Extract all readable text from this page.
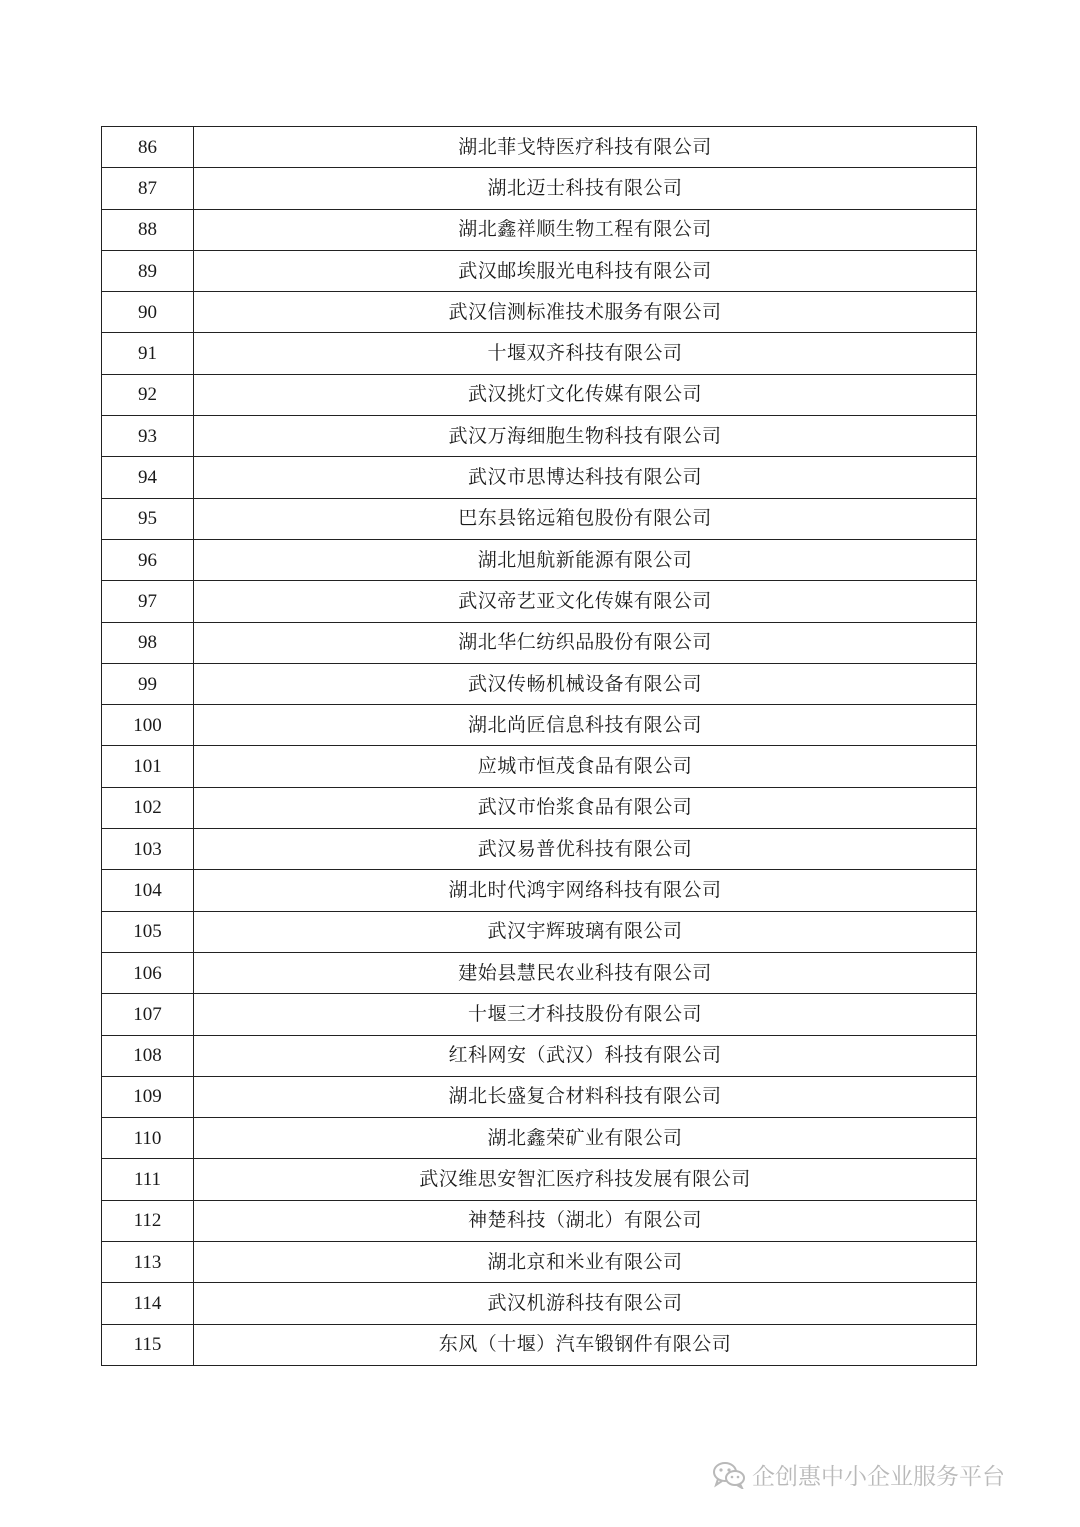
86	湖北菲戈特医疗科技有限公司
87	湖北迈士科技有限公司
88	湖北鑫祥顺生物工程有限公司
89	武汉邮埃服光电科技有限公司
90	武汉信测标准技术服务有限公司
91	十堰双齐科技有限公司
92	武汉挑灯文化传媒有限公司
93	武汉万海细胞生物科技有限公司
94	武汉市思博达科技有限公司
95	巴东县铭远箱包股份有限公司
96	湖北旭航新能源有限公司
97	武汉帝艺亚文化传媒有限公司
98	湖北华仁纺织品股份有限公司
99	武汉传畅机械设备有限公司
100	湖北尚匠信息科技有限公司
101	应城市恒茂食品有限公司
102	武汉市怡浆食品有限公司
103	武汉易普优科技有限公司
104	湖北时代鸿宇网络科技有限公司
105	武汉宇辉玻璃有限公司
106	建始县慧民农业科技有限公司
107	十堰三才科技股份有限公司
108	红科网安（武汉）科技有限公司
109	湖北长盛复合材料科技有限公司
110	湖北鑫荣矿业有限公司
111	武汉维思安智汇医疗科技发展有限公司
112	神楚科技（湖北）有限公司
113	湖北京和米业有限公司
114	武汉机游科技有限公司
115	东风（十堰）汽车锻钢件有限公司
企创惠中小企业服务平台
